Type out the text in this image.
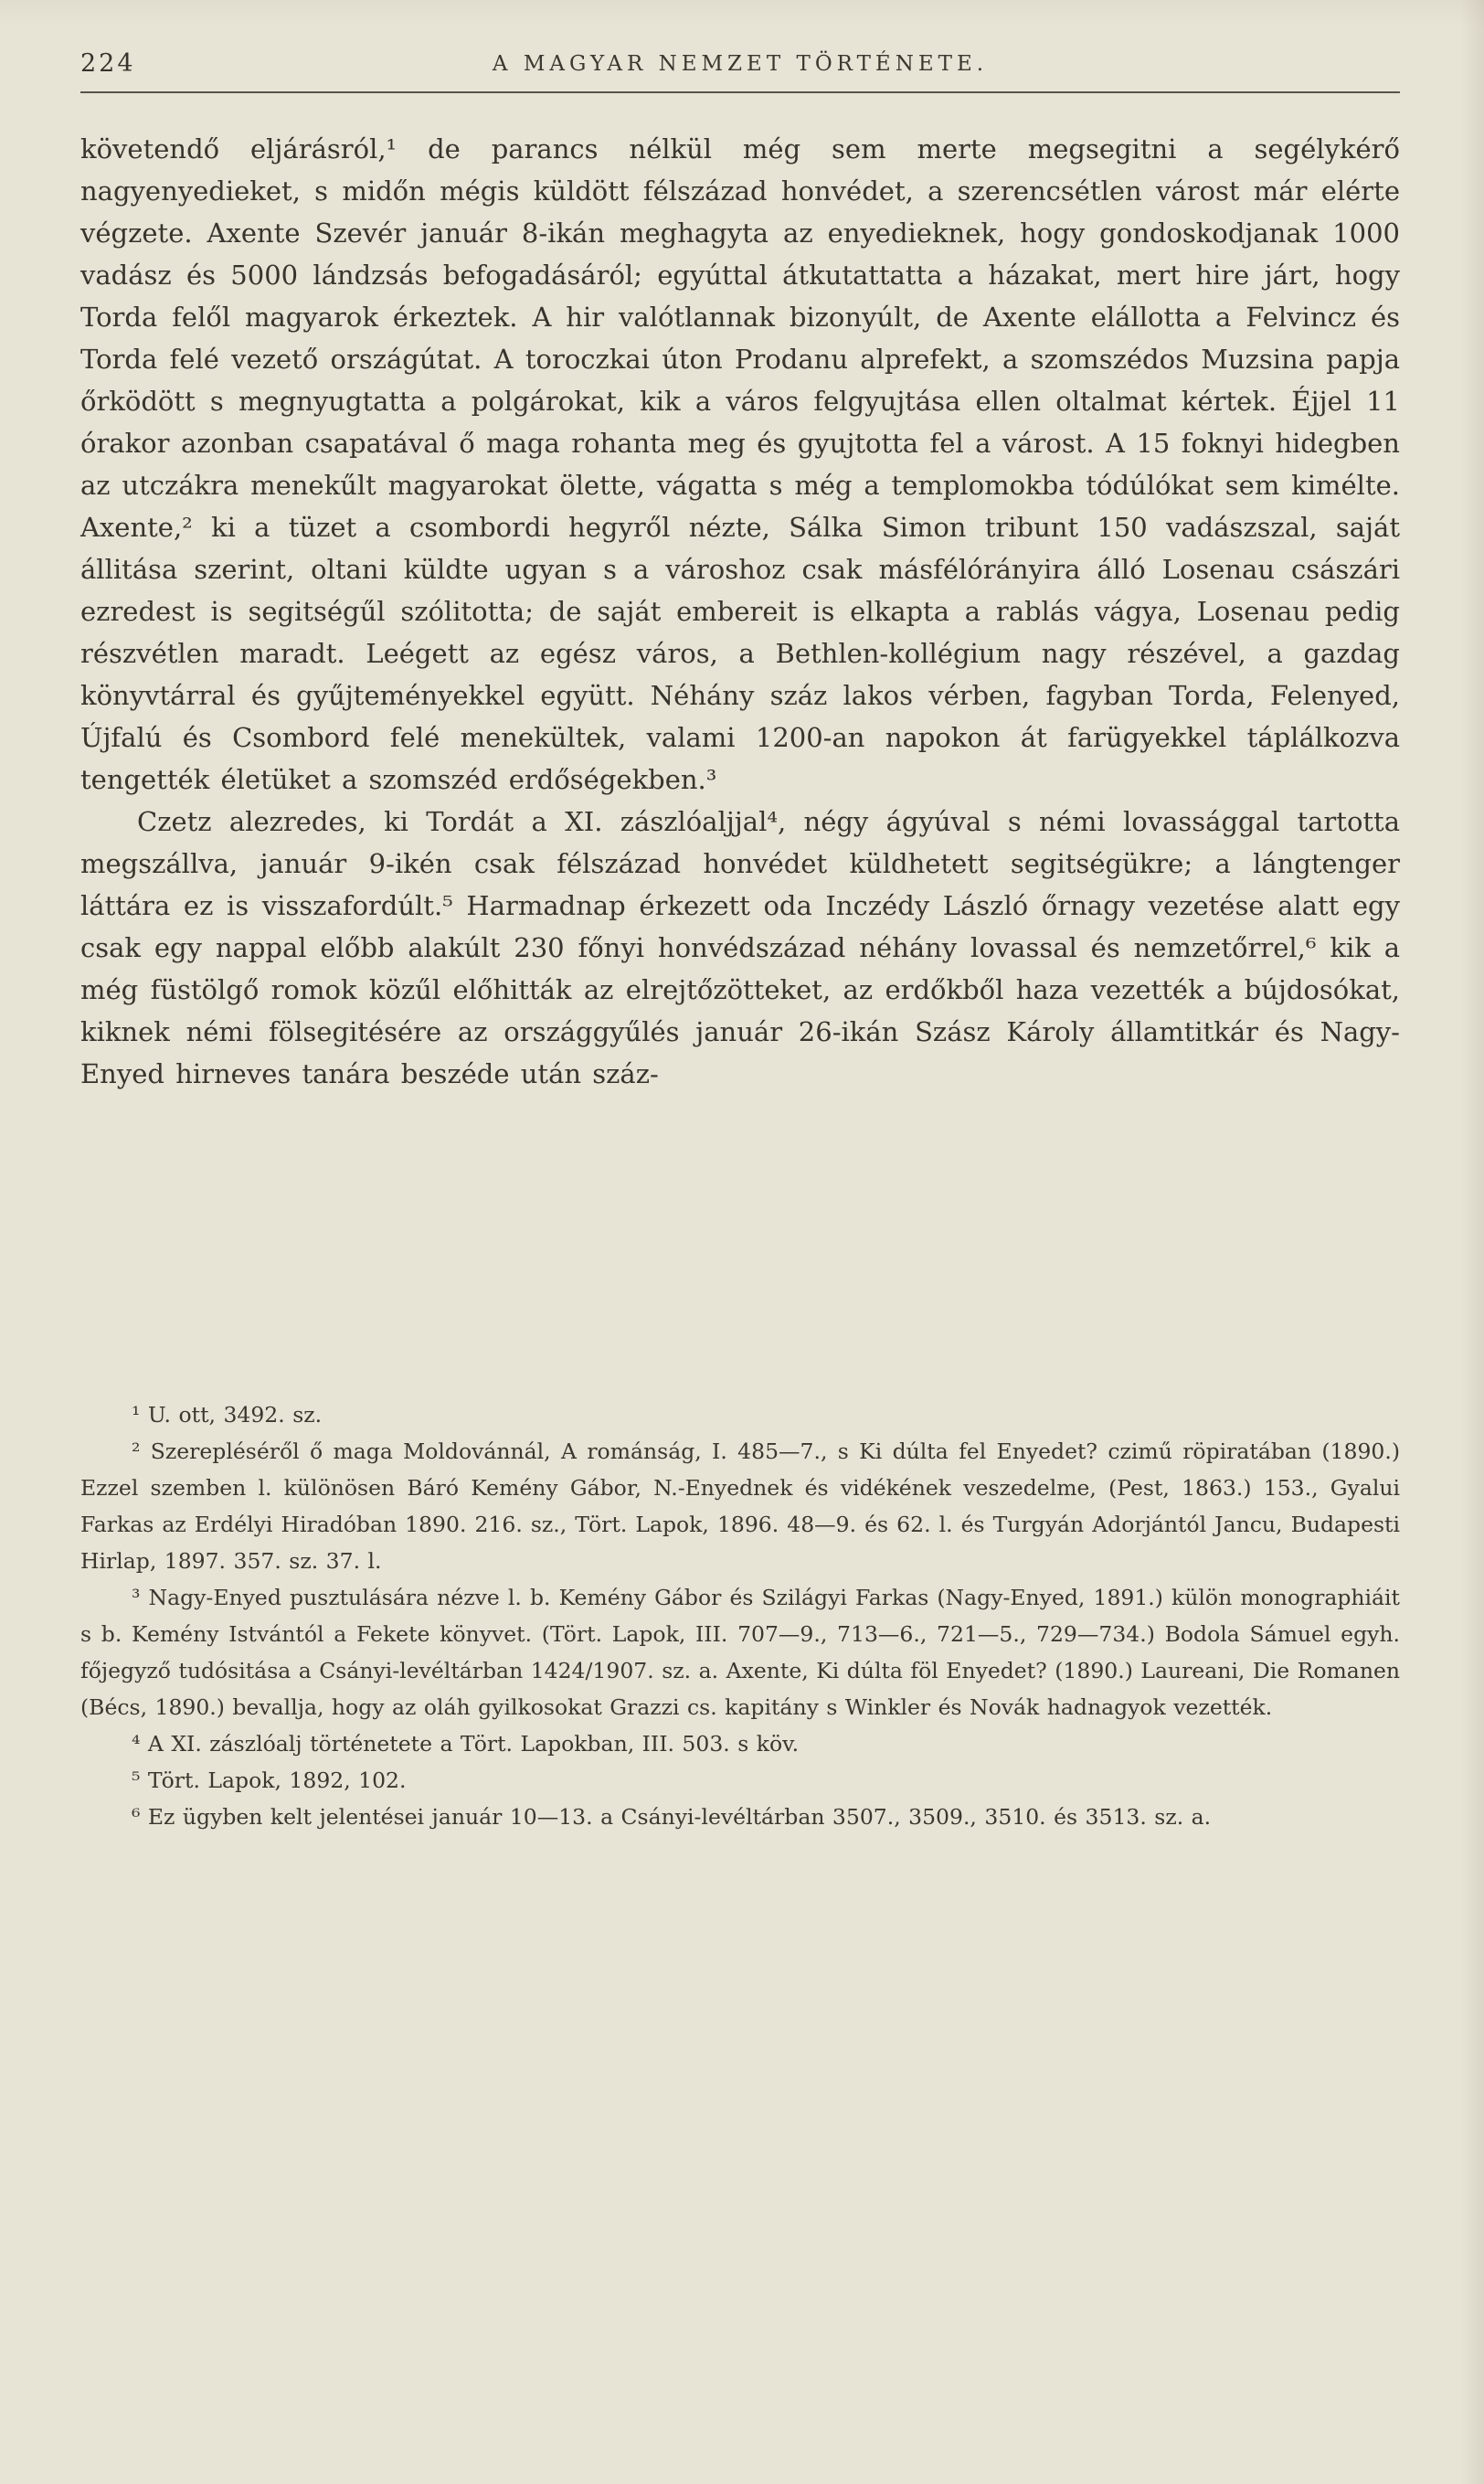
224	A MAGYAR NEMZET TÖRTÉNETE.

követendő eljárásról,¹ de parancs nélkül még sem merte megsegitni a segélykérő nagyenyedieket, s midőn mégis küldött félszázad honvédet, a szerencsétlen várost már elérte végzete. Axente Szevér január 8-ikán meghagyta az enyedieknek, hogy gondoskodjanak 1000 vadász és 5000 lándzsás befogadásáról; egyúttal átkutattatta a házakat, mert hire járt, hogy Torda felől magyarok érkeztek. A hir valótlannak bizonyúlt, de Axente elállotta a Felvincz és Torda felé vezető országútat. A toroczkai úton Prodanu alprefekt, a szomszédos Muzsina papja őrködött s megnyugtatta a polgárokat, kik a város felgyujtása ellen oltalmat kértek. Éjjel 11 órakor azonban csapatával ő maga rohanta meg és gyujtotta fel a várost. A 15 foknyi hidegben az utczákra menekűlt magyarokat ölette, vágatta s még a templomokba tódúlókat sem kimélte. Axente,² ki a tüzet a csombordi hegyről nézte, Sálka Simon tribunt 150 vadászszal, saját állitása szerint, oltani küldte ugyan s a városhoz csak másfélórányira álló Losenau császári ezredest is segitségűl szólitotta; de saját embereit is elkapta a rablás vágya, Losenau pedig részvétlen maradt. Leégett az egész város, a Bethlen-kollégium nagy részével, a gazdag könyvtárral és gyűjteményekkel együtt. Néhány száz lakos vérben, fagyban Torda, Felenyed, Újfalú és Csombord felé menekültek, valami 1200-an napokon át farügyekkel táplálkozva tengették életüket a szomszéd erdőségekben.³

Czetz alezredes, ki Tordát a XI. zászlóaljjal⁴, négy ágyúval s némi lovassággal tartotta megszállva, január 9-ikén csak félszázad honvédet küldhetett segitségükre; a lángtenger láttára ez is visszafordúlt.⁵ Harmadnap érkezett oda Inczédy László őrnagy vezetése alatt egy csak egy nappal előbb alakúlt 230 főnyi honvédszázad néhány lovassal és nemzetőrrel,⁶ kik a még füstölgő romok közűl előhitták az elrejtőzötteket, az erdőkből haza vezették a bújdosókat, kiknek némi fölsegitésére az országgyűlés január 26-ikán Szász Károly államtitkár és Nagy-Enyed hirneves tanára beszéde után száz-

¹ U. ott, 3492. sz.

² Szerepléséről ő maga Moldovánnál, A románság, I. 485—7., s Ki dúlta fel Enyedet? czimű röpiratában (1890.) Ezzel szemben l. különösen Báró Kemény Gábor, N.-Enyednek és vidékének veszedelme, (Pest, 1863.) 153., Gyalui Farkas az Erdélyi Hiradóban 1890. 216. sz., Tört. Lapok, 1896. 48—9. és 62. l. és Turgyán Adorjántól Jancu, Budapesti Hirlap, 1897. 357. sz. 37. l.

³ Nagy-Enyed pusztulására nézve l. b. Kemény Gábor és Szilágyi Farkas (Nagy-Enyed, 1891.) külön monographiáit s b. Kemény Istvántól a Fekete könyvet. (Tört. Lapok, III. 707—9., 713—6., 721—5., 729—734.) Bodola Sámuel egyh. főjegyző tudósitása a Csányi-levéltárban 1424/1907. sz. a. Axente, Ki dúlta föl Enyedet? (1890.) Laureani, Die Romanen (Bécs, 1890.) bevallja, hogy az oláh gyilkosokat Grazzi cs. kapitány s Winkler és Novák hadnagyok vezették.

⁴ A XI. zászlóalj történetete a Tört. Lapokban, III. 503. s köv.

⁵ Tört. Lapok, 1892, 102.

⁶ Ez ügyben kelt jelentései január 10—13. a Csányi-levéltárban 3507., 3509., 3510. és 3513. sz. a.
